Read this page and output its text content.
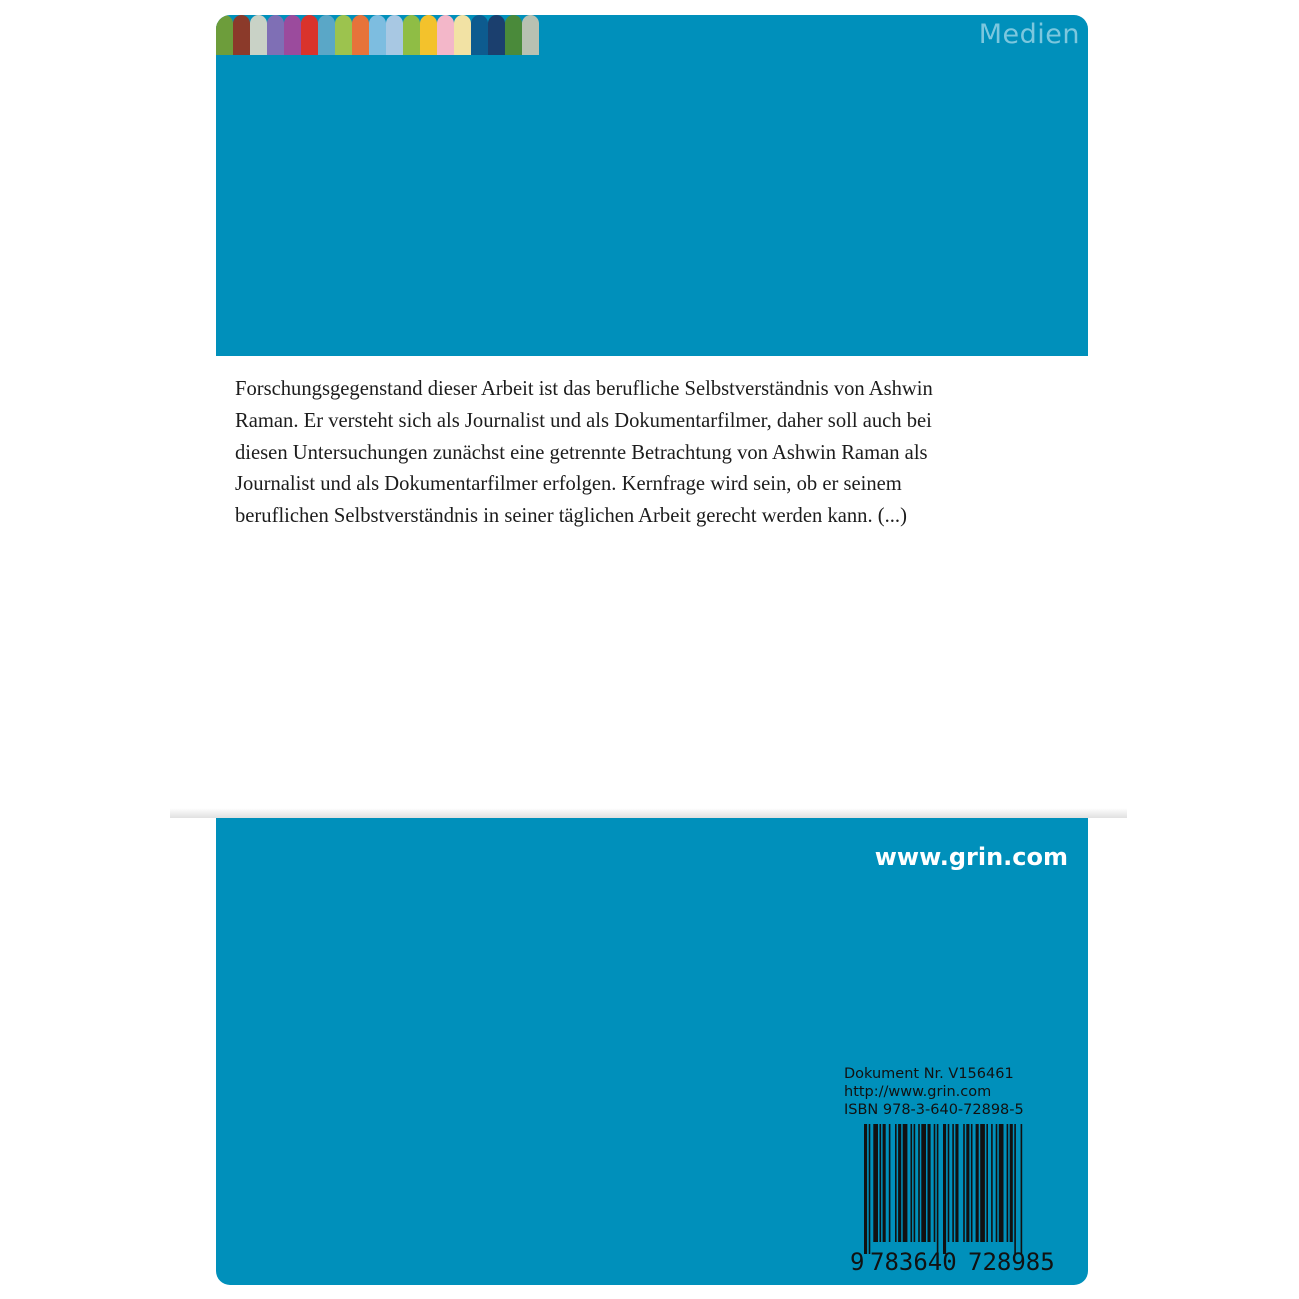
Medien

Forschungsgegenstand dieser Arbeit ist das berufliche Selbstverständnis von Ashwin Raman. Er versteht sich als Journalist und als Dokumentarfilmer, daher soll auch bei diesen Untersuchungen zunächst eine getrennte Betrachtung von Ashwin Raman als Journalist und als Dokumentarfilmer erfolgen. Kernfrage wird sein, ob er seinem beruflichen Selbstverständnis in seiner täglichen Arbeit gerecht werden kann. (...)

www.grin.com
Dokument Nr. V156461
http://www.grin.com
ISBN 978-3-640-72898-5
9 783640 728985
